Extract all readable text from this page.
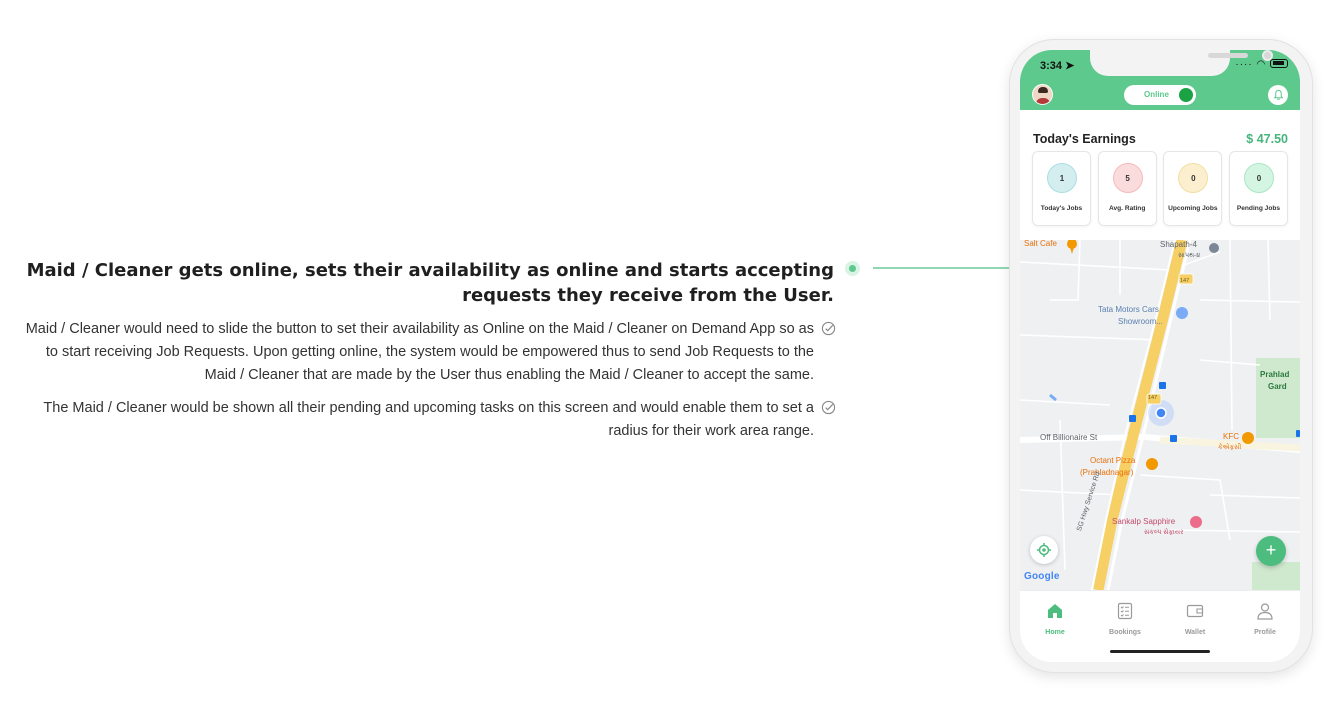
Maid / Cleaner gets online, sets their availability as online and starts accepting requests they receive from the User.
Maid / Cleaner would need to slide the button to set their availability as Online on the Maid / Cleaner on Demand App so as to start receiving Job Requests. Upon getting online, the system would be empowered thus to send Job Requests to the Maid / Cleaner that are made by the User thus enabling the Maid / Cleaner to accept the same.
The Maid / Cleaner would be shown all their pending and upcoming tasks on this screen and would enable them to set a radius for their work area range.
3:34 ➤	···· ◠
Online
Today's Earnings	$ 47.50
1
Today's Jobs
5
Avg. Rating
0
Upcoming Jobs
0
Pending Jobs
Salt Cafe	Shapath-4
સાપથ-૪
147
Tata Motors Cars
Showroom...
Prahlad
Gard
147
Off Billionaire St	KFC
કેએફસી
Octant Pizza
(Prahladnagar)
SG Hwy Service Rd Sankalp Sapphire
સંકલ્પ સેફાયર
Google
+
Home	Bookings	Wallet	Profile
